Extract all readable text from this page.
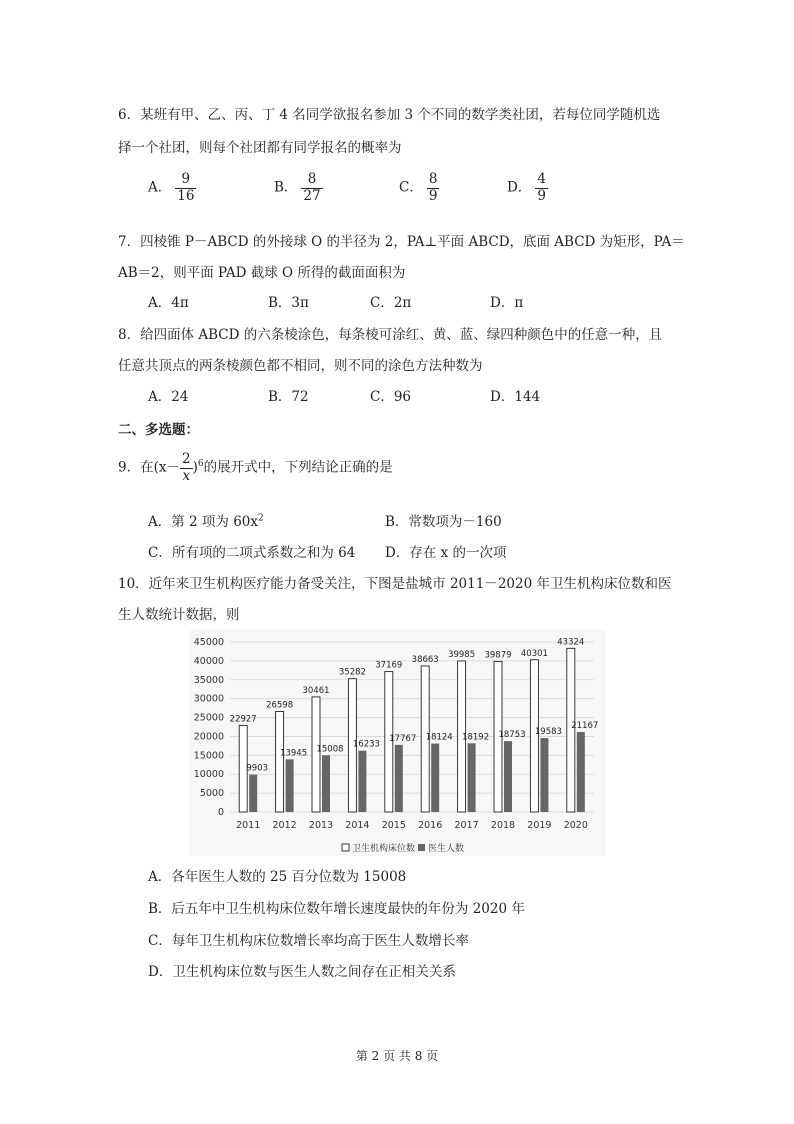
6．某班有甲、乙、丙、丁 4 名同学欲报名参加 3 个不同的数学类社团，若每位同学随机选
择一个社团，则每个社团都有同学报名的概率为
A． $\frac{9}{16}$	B． $\frac{8}{27}$	C． $\frac{8}{9}$	D． $\frac{4}{9}$
7．四棱锥 P－ABCD 的外接球 O 的半径为 2，PA⊥平面 ABCD，底面 ABCD 为矩形，PA＝
AB＝2，则平面 PAD 截球 O 所得的截面面积为
A．4π	B．3π	C．2π	D．π
8．给四面体 ABCD 的六条棱涂色，每条棱可涂红、黄、蓝、绿四种颜色中的任意一种，且
任意共顶点的两条棱颜色都不相同，则不同的涂色方法种数为
A．24	B．72	C．96	D．144
二、多选题：
9．在$(x- \frac{2}{x} )^6$的展开式中，下列结论正确的是
A．第 2 项为 $60x^2$	B．常数项为－160
C．所有项的二项式系数之和为 64 D．存在 x 的一次项
10．近年来卫生机构医疗能力备受关注，下图是盐城市 2011－2020 年卫生机构床位数和医
生人数统计数据，则
0
5000
10000
15000
20000
25000
30000
35000
40000
45000
22927
9903
26598
13945
30461
15008
35282
16233
37169
17767
38663
18124
39985
18192
39879
18753
40301
19583
43324
21167
2011 2012 2013 2014 2015 2016 2017 2018 2019 2020
卫生机构床位数 医生人数
A．各年医生人数的 25 百分位数为 15008
B．后五年中卫生机构床位数年增长速度最快的年份为 2020 年
C．每年卫生机构床位数增长率均高于医生人数增长率
D．卫生机构床位数与医生人数之间存在正相关关系
第 2 页 共 8 页
